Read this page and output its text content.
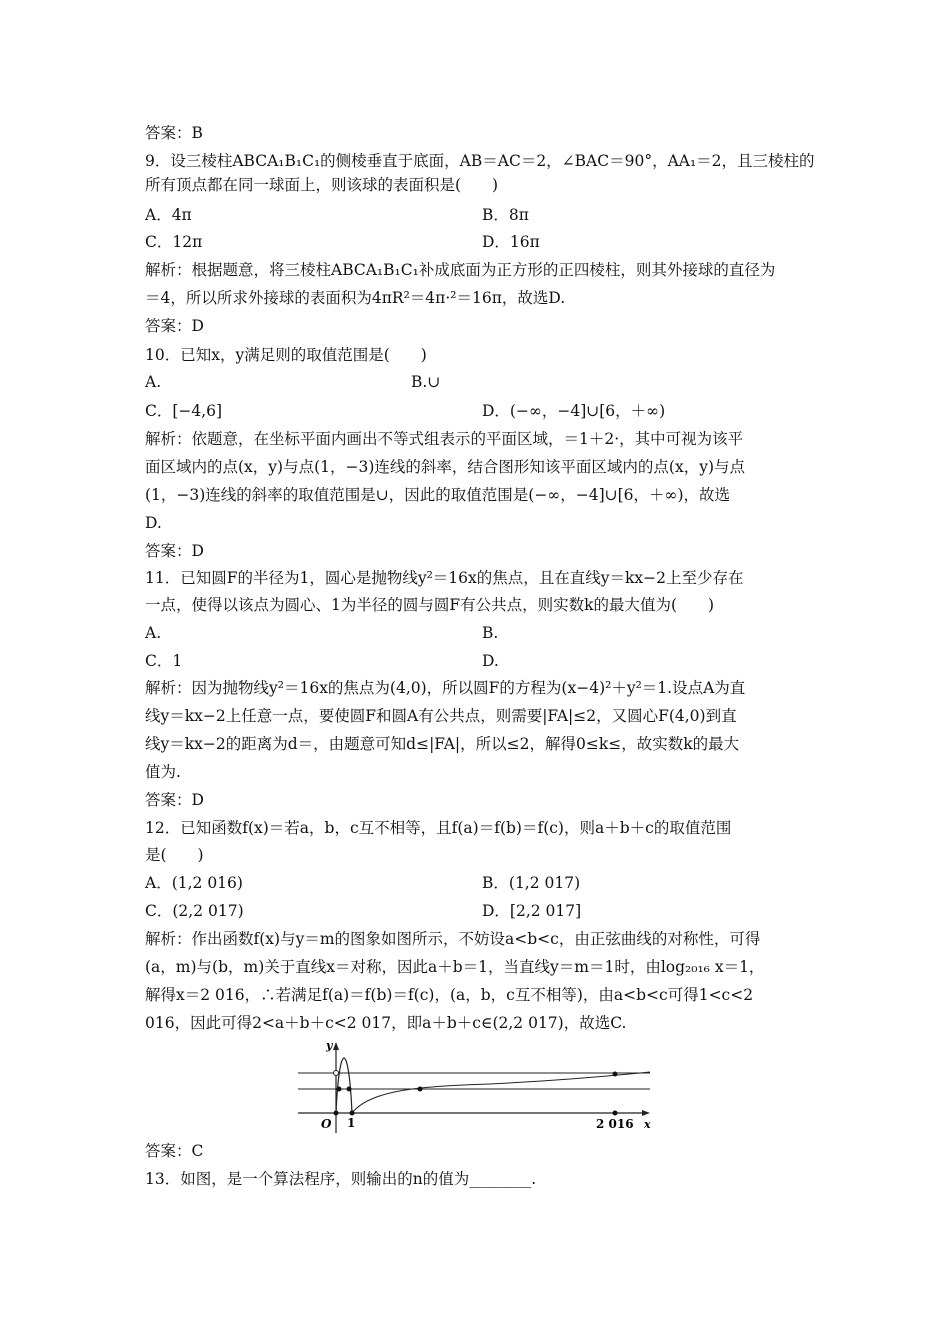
答案：B
9．设三棱柱ABCA₁B₁C₁的侧棱垂直于底面，AB＝AC＝2，∠BAC＝90°，AA₁＝2，且三棱柱的
所有顶点都在同一球面上，则该球的表面积是(　　)
A．4π	B．8π
C．12π	D．16π
解析：根据题意，将三棱柱ABCA₁B₁C₁补成底面为正方形的正四棱柱，则其外接球的直径为
＝4，所以所求外接球的表面积为4πR²＝4π·²＝16π，故选D.
答案：D
10．已知x，y满足则的取值范围是(　　)
A.	B.∪
C．[−4,6]	D．(−∞，−4]∪[6，＋∞)
解析：依题意，在坐标平面内画出不等式组表示的平面区域，＝1＋2·，其中可视为该平
面区域内的点(x，y)与点(1，−3)连线的斜率，结合图形知该平面区域内的点(x，y)与点
(1，−3)连线的斜率的取值范围是∪，因此的取值范围是(−∞，−4]∪[6，＋∞)，故选
D.
答案：D
11．已知圆F的半径为1，圆心是抛物线y²＝16x的焦点，且在直线y＝kx−2上至少存在
一点，使得以该点为圆心、1为半径的圆与圆F有公共点，则实数k的最大值为(　　)
A.	B.
C．1	D.
解析：因为抛物线y²＝16x的焦点为(4,0)，所以圆F的方程为(x−4)²＋y²＝1.设点A为直
线y＝kx−2上任意一点，要使圆F和圆A有公共点，则需要|FA|≤2，又圆心F(4,0)到直
线y＝kx−2的距离为d＝，由题意可知d≤|FA|，所以≤2，解得0≤k≤，故实数k的最大
值为.
答案：D
12．已知函数f(x)＝若a，b，c互不相等，且f(a)＝f(b)＝f(c)，则a＋b＋c的取值范围
是(　　)
A．(1,2 016)	B．(1,2 017)
C．(2,2 017)	D．[2,2 017]
解析：作出函数f(x)与y＝m的图象如图所示，不妨设a<b<c，由正弦曲线的对称性，可得
(a，m)与(b，m)关于直线x＝对称，因此a＋b＝1，当直线y＝m＝1时，由log₂₀₁₆ x＝1，
解得x＝2 016，∴若满足f(a)＝f(b)＝f(c)，(a，b，c互不相等)，由a<b<c可得1<c<2
016，因此可得2<a＋b＋c<2 017，即a＋b＋c∈(2,2 017)，故选C.
答案：C
13．如图，是一个算法程序，则输出的n的值为________.
y
x
O 1	2 016
